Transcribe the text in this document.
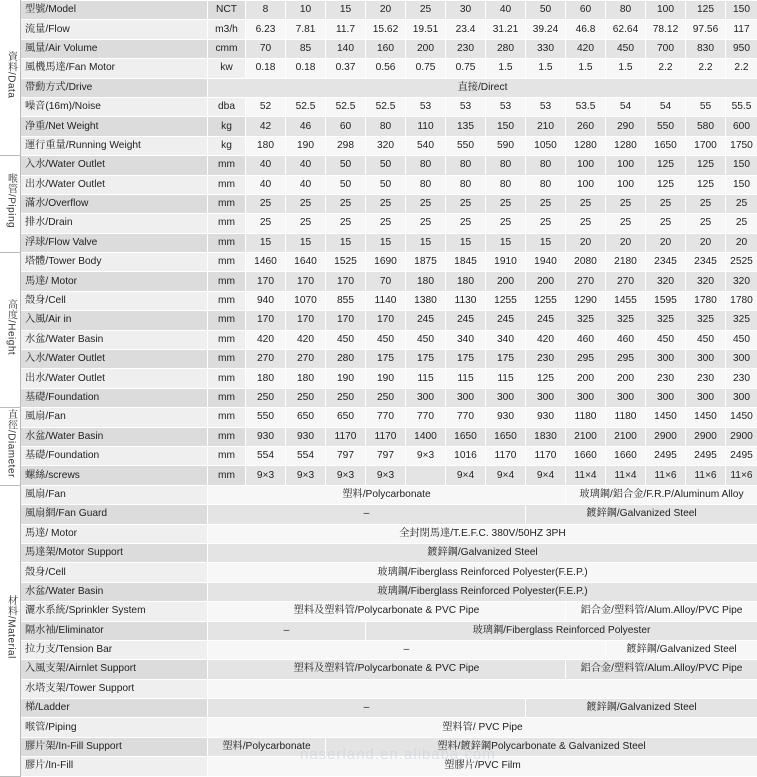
資料/Data	型號/Model	NCT	8	10	15	20	25	30	40	50	60	80	100	125	150
	流量/Flow	m3/h	6.23	7.81	11.7	15.62	19.51	23.4	31.21	39.24	46.8	62.64	78.12	97.56	117
	風量/Air Volume	cmm	70	85	140	160	200	230	280	330	420	450	700	830	950
	風機馬達/Fan Motor	kw	0.18	0.18	0.37	0.56	0.75	0.75	1.5	1.5	1.5	1.5	2.2	2.2	2.2
	帶動方式/Drive	直接/Direct													
	噪音(16m)/Noise	dba	52	52.5	52.5	52.5	53	53	53	53	53.5	54	54	55	55.5
	净重/Net Weight	kg	42	46	60	80	110	135	150	210	260	290	550	580	600
	運行重量/Running Weight	kg	180	190	298	320	540	550	590	1050	1280	1280	1650	1700	1750
喉管/Piping	入水/Water Outlet	mm	40	40	50	50	80	80	80	80	100	100	125	125	150
	出水/Water Outlet	mm	40	40	50	50	80	80	80	80	100	100	125	125	150
	滿水/Overflow	mm	25	25	25	25	25	25	25	25	25	25	25	25	25
	排水/Drain	mm	25	25	25	25	25	25	25	25	25	25	25	25	25
	浮球/Flow Valve	mm	15	15	15	15	15	15	15	15	20	20	20	20	20
高度/Height	塔體/Tower Body	mm	1460	1640	1525	1690	1875	1845	1910	1940	2080	2180	2345	2345	2525
	馬達/ Motor	mm	170	170	170	70	180	180	200	200	270	270	320	320	320
	殼身/Cell	mm	940	1070	855	1140	1380	1130	1255	1255	1290	1455	1595	1780	1780
	入風/Air in	mm	170	170	170	170	245	245	245	245	325	325	325	325	325
	水盆/Water Basin	mm	420	420	450	450	450	340	340	420	460	460	450	450	450
	入水/Water Outlet	mm	270	270	280	175	175	175	175	230	295	295	300	300	300
	出水/Water Outlet	mm	180	180	190	190	115	115	115	125	200	200	230	230	230
	基礎/Foundation	mm	250	250	250	250	300	300	300	300	300	300	300	300	300
直徑/Diameter	風扇/Fan	mm	550	650	650	770	770	770	930	930	1180	1180	1450	1450	1450
	水盆/Water Basin	mm	930	930	1170	1170	1400	1650	1650	1830	2100	2100	2900	2900	2900
	基礎/Foundation	mm	554	554	797	797	9×3	1016	1170	1170	1660	1660	2495	2495	2495
	螺絲/screws	mm	9×3	9×3	9×3	9×3		9×4	9×4	9×4	11×4	11×4	11×6	11×6	11×6
材料/Material	風扇/Fan	塑料/Polycarbonate									玻璃鋼/鋁合金/F.R.P/Aluminum Alloy				
	風扇網/Fan Guard	–								鍍鋅鋼/Galvanized Steel					
	馬達/ Motor	全封閉馬達/T.E.F.C. 380V/50HZ 3PH													
	馬達架/Motor Support	鍍鋅鋼/Galvanized Steel													
	殼身/Cell	玻璃鋼/Fiberglass Reinforced Polyester(F.E.P.)													
	水盆/Water Basin	玻璃鋼/Fiberglass Reinforced Polyester(F.E.P.)													
	灑水系統/Sprinkler System	塑料及塑料管/Polycarbonate & PVC Pipe									鋁合金/塑料管/Alum.Alloy/PVC Pipe				
	隔水袖/Eliminator	–				玻璃鋼/Fiberglass Reinforced Polyester									
	拉力支/Tension Bar	–										鍍鋅鋼/Galvanized Steel			
	入風支架/Airnlet Support	塑料及塑料管/Polycarbonate & PVC Pipe									鋁合金/塑料管/Alum.Alloy/PVC Pipe				
	水塔支架/Tower Support														
	梯/Ladder	–								鍍鋅鋼/Galvanized Steel					
	喉管/Piping	塑料管/ PVC Pipe													
	膠片架/In-Fill Support	塑料/Polycarbonate			塑料/鍍鋅鋼Polycarbonate & Galvanized Steel										
	膠片/In-Fill	塑膠片/PVC Film													
naserland.en.alibaba.com
